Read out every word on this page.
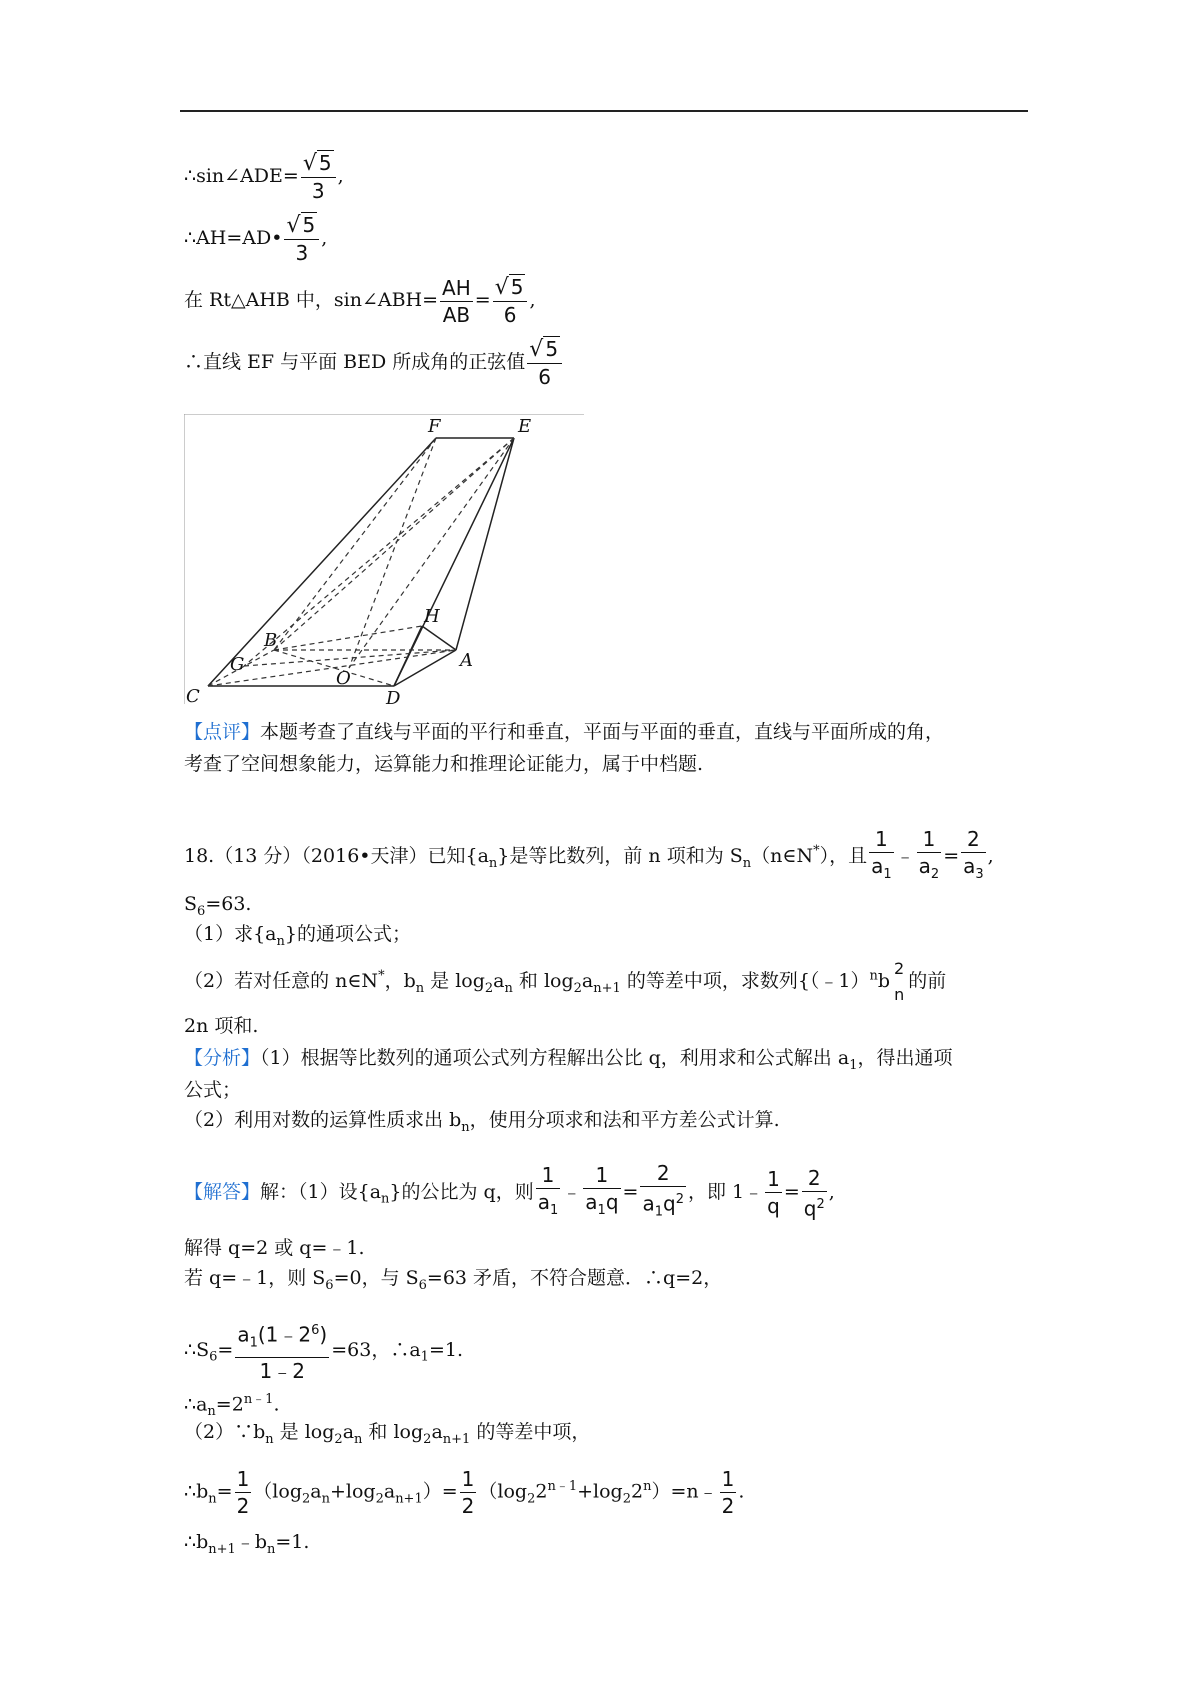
∴sin∠ADE= $\frac{√ 5}{3}$ ,
∴AH=AD• $\frac{√ 5}{3}$ ,
在 Rt△AHB 中，sin∠ABH= $\frac{AH}{AB} = \frac{√ 5}{6}$ ,
∴直线 EF 与平面 BED 所成角的正弦值 $\frac{√ 5}{6}$
F	E
H
B
G
O
A
C	D
【点评】本题考查了直线与平面的平行和垂直，平面与平面的垂直，直线与平面所成的角，
考查了空间想象能力，运算能力和推理论证能力，属于中档题.
18.（13 分）（2016•天津）已知$\{a_n\}$是等比数列，前 n 项和为 $S_n(n\in N^*)$，且 $\frac{1}{a_1}$ ﹣ $\frac{1}{a_2} = \frac{2}{a_3}$ ,
$S_6=63$.
（1）求$\{a_n\}$的通项公式；
（2）若对任意的 n∈N*，$b_n$ 是 $\log_2a_n$ 和 $\log_2a_{n+1}$ 的等差中项，求数列{（﹣1）$^n$b
2
n
的前
2n 项和.
【分析】（1）根据等比数列的通项公式列方程解出公比 q，利用求和公式解出 $a_1$，得出通项
公式；
（2）利用对数的运算性质求出 $b_n$，使用分项求和法和平方差公式计算.
【解答】解：（1）设$\{a_n\}$的公比为 q，则 $\frac{1}{a_1}$ ﹣ $\frac{1}{a_1q} = \frac{2}{a_1q^2}$ ，即 1﹣ $\frac{1}{q} = \frac{2}{q^2}$ ,
解得 q=2 或 q=﹣1.
若 q=﹣1，则 $S_6=0$，与 $S_6=63$ 矛盾，不符合题意．∴q=2，
$\therefore S_6= \frac{a_1(1﹣2^6)}{1﹣2} =63$，$\therefore a_1=1$.
$\therefore a_n=2^{n﹣1}$.
$(2)\because b_n$ 是 $\log_2a_n$ 和 $\log_2a_{n+1}$ 的等差中项，
$\therefore b_n= \frac{1}{2} (\log_2a_n+\log_2a_{n+1})= \frac{1}{2}$ $(\log_22^{n﹣1}+\log_22^n)=n﹣ \frac{1}{2}$ .
$\therefore b_{n+1}﹣b_n=1$.
